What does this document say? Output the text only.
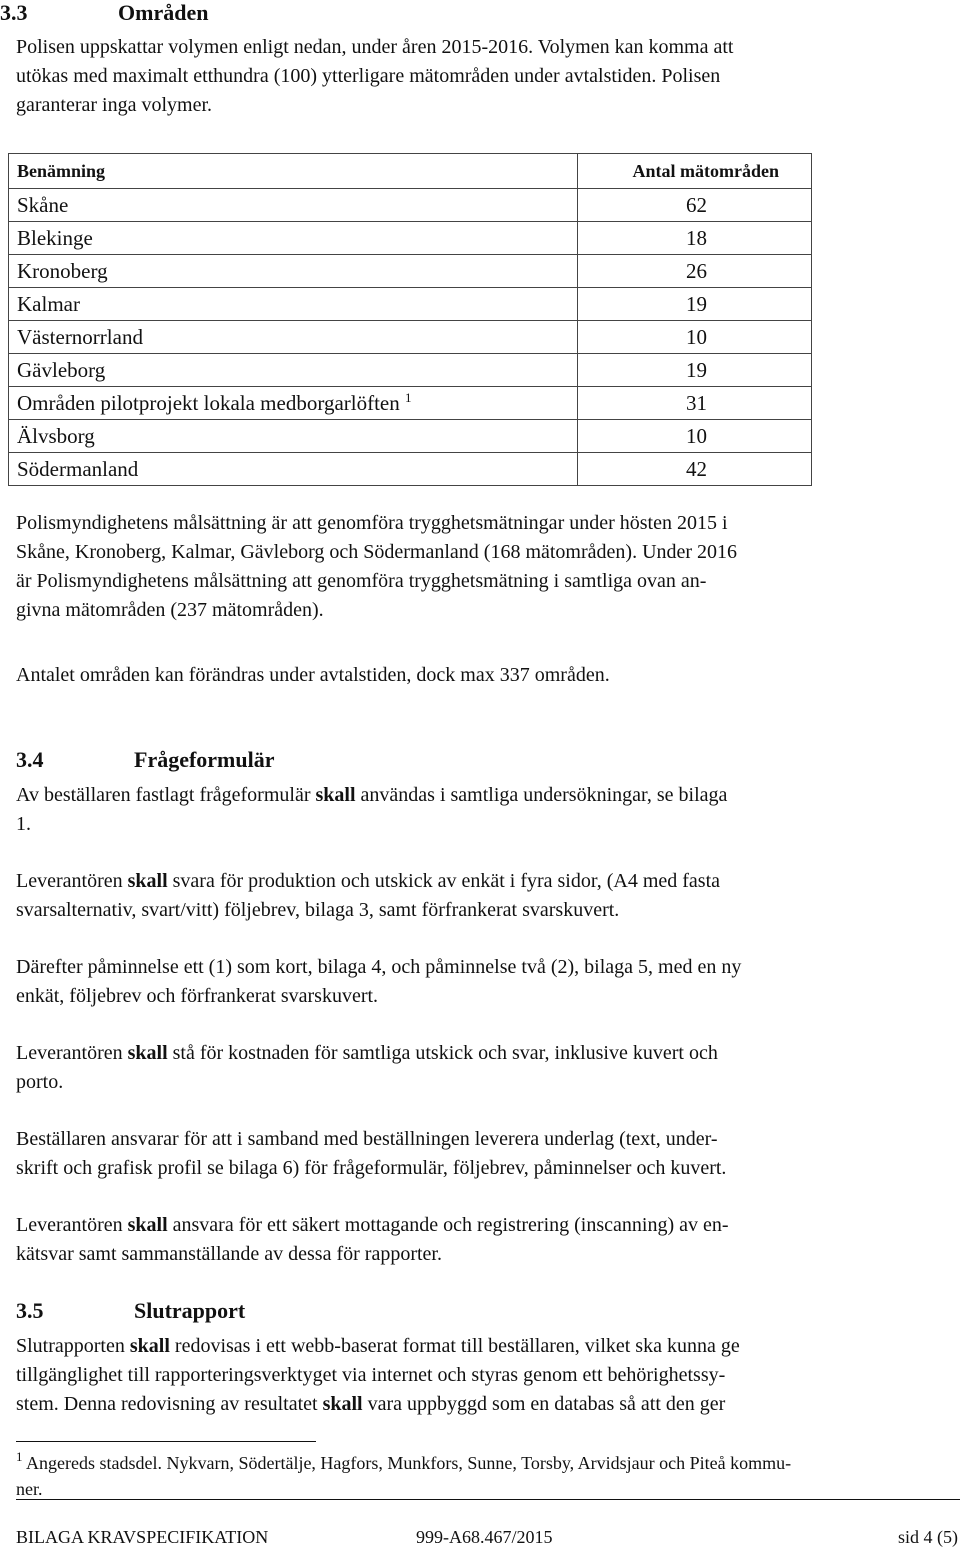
3.3	Områden
Polisen uppskattar volymen enligt nedan, under åren 2015-2016. Volymen kan komma att
utökas med maximalt etthundra (100) ytterligare mätområden under avtalstiden. Polisen
garanterar inga volymer.
Benämning	Antal mätområden
Skåne	62
Blekinge	18
Kronoberg	26
Kalmar	19
Västernorrland	10
Gävleborg	19
Områden pilotprojekt lokala medborgarlöften $^1$	31
Älvsborg	10
Södermanland	42
Polismyndighetens målsättning är att genomföra trygghetsmätningar under hösten 2015 i
Skåne, Kronoberg, Kalmar, Gävleborg och Södermanland (168 mätområden). Under 2016
är Polismyndighetens målsättning att genomföra trygghetsmätning i samtliga ovan an-
givna mätområden (237 mätområden).
Antalet områden kan förändras under avtalstiden, dock max 337 områden.
3.4	Frågeformulär
Av beställaren fastlagt frågeformulär skall användas i samtliga undersökningar, se bilaga
1.
Leverantören skall svara för produktion och utskick av enkät i fyra sidor, (A4 med fasta
svarsalternativ, svart/vitt) följebrev, bilaga 3, samt förfrankerat svarskuvert.
Därefter påminnelse ett (1) som kort, bilaga 4, och påminnelse två (2), bilaga 5, med en ny
enkät, följebrev och förfrankerat svarskuvert.
Leverantören skall stå för kostnaden för samtliga utskick och svar, inklusive kuvert och
porto.
Beställaren ansvarar för att i samband med beställningen leverera underlag (text, under-
skrift och grafisk profil se bilaga 6) för frågeformulär, följebrev, påminnelser och kuvert.
Leverantören skall ansvara för ett säkert mottagande och registrering (inscanning) av en-
kätsvar samt sammanställande av dessa för rapporter.
3.5	Slutrapport
Slutrapporten skall redovisas i ett webb-baserat format till beställaren, vilket ska kunna ge
tillgänglighet till rapporteringsverktyget via internet och styras genom ett behörighetssy-
stem. Denna redovisning av resultatet skall vara uppbyggd som en databas så att den ger
$^1$ Angereds stadsdel. Nykvarn, Södertälje, Hagfors, Munkfors, Sunne, Torsby, Arvidsjaur och Piteå kommu-
ner.
BILAGA KRAVSPECIFIKATION	999-A68.467/2015	sid 4 (5)
